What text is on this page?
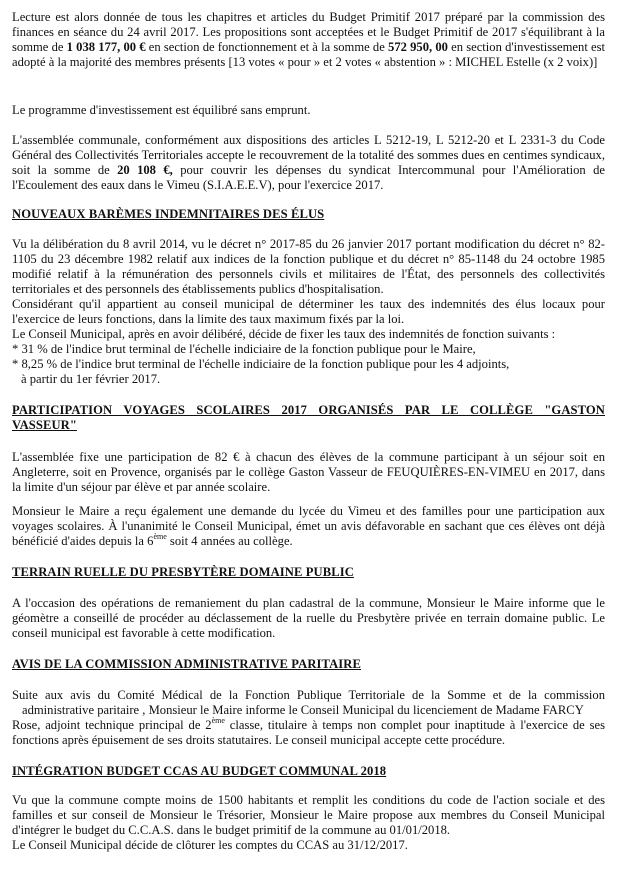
Lecture est alors donnée de tous les chapitres et articles du Budget Primitif 2017 préparé par la commission des finances en séance du 24 avril 2017. Les propositions sont acceptées et le Budget Primitif de 2017 s'équilibrant à la somme de 1 038 177, 00 € en section de fonctionnement et à la somme de 572 950, 00 en section d'investissement est adopté à la majorité des membres présents [13 votes « pour » et 2 votes « abstention » : MICHEL Estelle (x 2 voix)]

Le programme d'investissement est équilibré sans emprunt.

L'assemblée communale, conformément aux dispositions des articles L 5212-19, L 5212-20 et L 2331-3 du Code Général des Collectivités Territoriales accepte le recouvrement de la totalité des sommes dues en centimes syndicaux, soit la somme de 20 108 €, pour couvrir les dépenses du syndicat Intercommunal pour l'Amélioration de l'Ecoulement des eaux dans le Vimeu (S.I.A.E.E.V), pour l'exercice 2017.

NOUVEAUX BARÈMES INDEMNITAIRES DES ÉLUS

Vu la délibération du 8 avril 2014, vu le décret n° 2017-85 du 26 janvier 2017 portant modification du décret n° 82-1105 du 23 décembre 1982 relatif aux indices de la fonction publique et du décret n° 85-1148 du 24 octobre 1985 modifié relatif à la rémunération des personnels civils et militaires de l'État, des personnels des collectivités territoriales et des personnels des établissements publics d'hospitalisation.
Considérant qu'il appartient au conseil municipal de déterminer les taux des indemnités des élus locaux pour l'exercice de leurs fonctions, dans la limite des taux maximum fixés par la loi.
Le Conseil Municipal, après en avoir délibéré, décide de fixer les taux des indemnités de fonction suivants :
* 31 % de l'indice brut terminal de l'échelle indiciaire de la fonction publique pour le Maire,
* 8,25 % de l'indice brut terminal de l'échelle indiciaire de la fonction publique pour les 4 adjoints,
à partir du 1er février 2017.
PARTICIPATION VOYAGES SCOLAIRES 2017 ORGANISÉS PAR LE COLLÈGE "GASTON
VASSEUR"

L'assemblée fixe une participation de 82 € à chacun des élèves de la commune participant à un séjour soit en Angleterre, soit en Provence, organisés par le collège Gaston Vasseur de FEUQUIÈRES-EN-VIMEU en 2017, dans la limite d'un séjour par élève et par année scolaire.

Monsieur le Maire a reçu également une demande du lycée du Vimeu et des familles pour une participation aux voyages scolaires. À l'unanimité le Conseil Municipal, émet un avis défavorable en sachant que ces élèves ont déjà bénéficié d'aides depuis la 6ème soit 4 années au collège.

TERRAIN RUELLE DU PRESBYTÈRE DOMAINE PUBLIC

A l'occasion des opérations de remaniement du plan cadastral de la commune, Monsieur le Maire informe que le géomètre a conseillé de procéder au déclassement de la ruelle du Presbytère privée en terrain domaine public. Le conseil municipal est favorable à cette modification.

AVIS DE LA COMMISSION ADMINISTRATIVE PARITAIRE

Suite aux avis du Comité Médical de la Fonction Publique Territoriale de la Somme et de la commission
administrative paritaire , Monsieur le Maire informe le Conseil Municipal du licenciement de Madame FARCY
Rose, adjoint technique principal de 2ème classe, titulaire à temps non complet pour inaptitude à l'exercice de ses
fonctions après épuisement de ses droits statutaires. Le conseil municipal accepte cette procédure.

INTÉGRATION BUDGET CCAS AU BUDGET COMMUNAL 2018

Vu que la commune compte moins de 1500 habitants et remplit les conditions du code de l'action sociale et des familles et sur conseil de Monsieur le Trésorier, Monsieur le Maire propose aux membres du Conseil Municipal d'intégrer le budget du C.C.A.S. dans le budget primitif de la commune au 01/01/2018.
Le Conseil Municipal décide de clôturer les comptes du CCAS au 31/12/2017.
